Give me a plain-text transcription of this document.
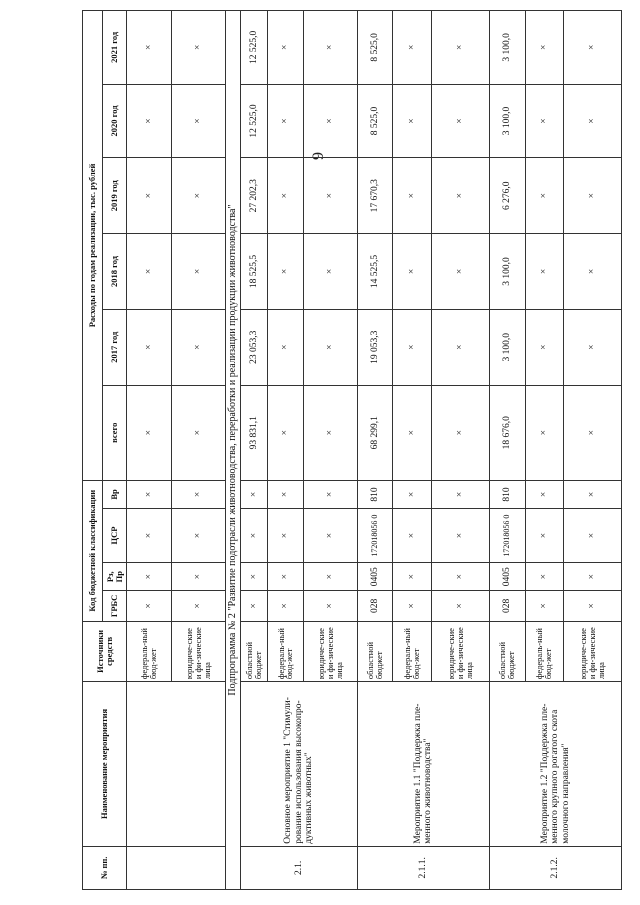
9
№ пп.	Наименование мероприятия	Источники средств	Код бюджетной классификации				Расходы по годам реализации, тыс. рублей					
			ГРБС	Рз, Пр	ЦСР	Вр	всего	2017 год	2018 год	2019 год	2020 год	2021 год
		федераль-ный бюд-жет	×	×	×	×	×	×	×	×	×	×
		юридиче-ские и фи-зические лица	×	×	×	×	×	×	×	×	×	×
Подпрограмма № 2 "Развитие подотрасли животноводства, переработки и реализации продукции животноводства"												
2.1.	Основное мероприятие 1 "Стимули-рование использования высокопро-дуктивных животных"	областной бюджет	×	×	×	×	93 831,1	23 053,3	18 525,5	27 202,3	12 525,0	12 525,0
		федераль-ный бюд-жет	×	×	×	×	×	×	×	×	×	×
		юридиче-ские и фи-зические лица	×	×	×	×	×	×	×	×	×	×
2.1.1.	Мероприятие 1.1 "Поддержка пле-менного животноводства"	областной бюджет	028	0405	172018056 0	810	68 299,1	19 053,3	14 525,5	17 670,3	8 525,0	8 525,0
		федераль-ный бюд-жет	×	×	×	×	×	×	×	×	×	×
		юридиче-ские и фи-зические лица	×	×	×	×	×	×	×	×	×	×
2.1.2.	Мероприятие 1.2 "Поддержка пле-менного крупного рогатого скота молочного направления"	областной бюджет	028	0405	172018056 0	810	18 676,0	3 100,0	3 100,0	6 276,0	3 100,0	3 100,0
		федераль-ный бюд-жет	×	×	×	×	×	×	×	×	×	×
		юридиче-ские и фи-зические лица	×	×	×	×	×	×	×	×	×	×
